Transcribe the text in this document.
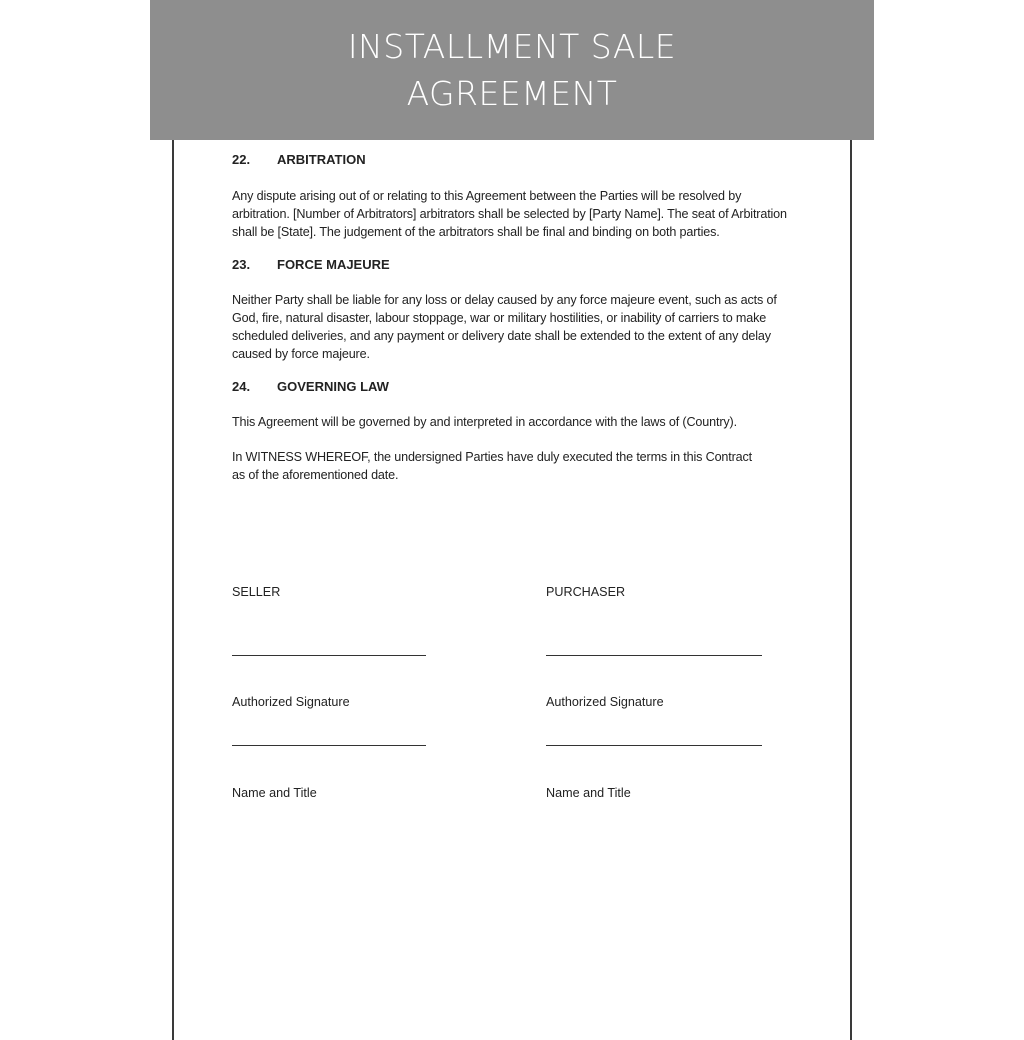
INSTALLMENT SALE
AGREEMENT
22.	ARBITRATION

Any dispute arising out of or relating to this Agreement between the Parties will be resolved by arbitration. [Number of Arbitrators] arbitrators shall be selected by [Party Name]. The seat of Arbitration shall be [State]. The judgement of the arbitrators shall be final and binding on both parties.

23.	FORCE MAJEURE

Neither Party shall be liable for any loss or delay caused by any force majeure event, such as acts of God, fire, natural disaster, labour stoppage, war or military hostilities, or inability of carriers to make scheduled deliveries, and any payment or delivery date shall be extended to the extent of any delay caused by force majeure.

24.	GOVERNING LAW

This Agreement will be governed by and interpreted in accordance with the laws of (Country).

In WITNESS WHEREOF, the undersigned Parties have duly executed the terms in this Contract as of the aforementioned date.

SELLER
Authorized Signature
Name and Title
PURCHASER
Authorized Signature
Name and Title
